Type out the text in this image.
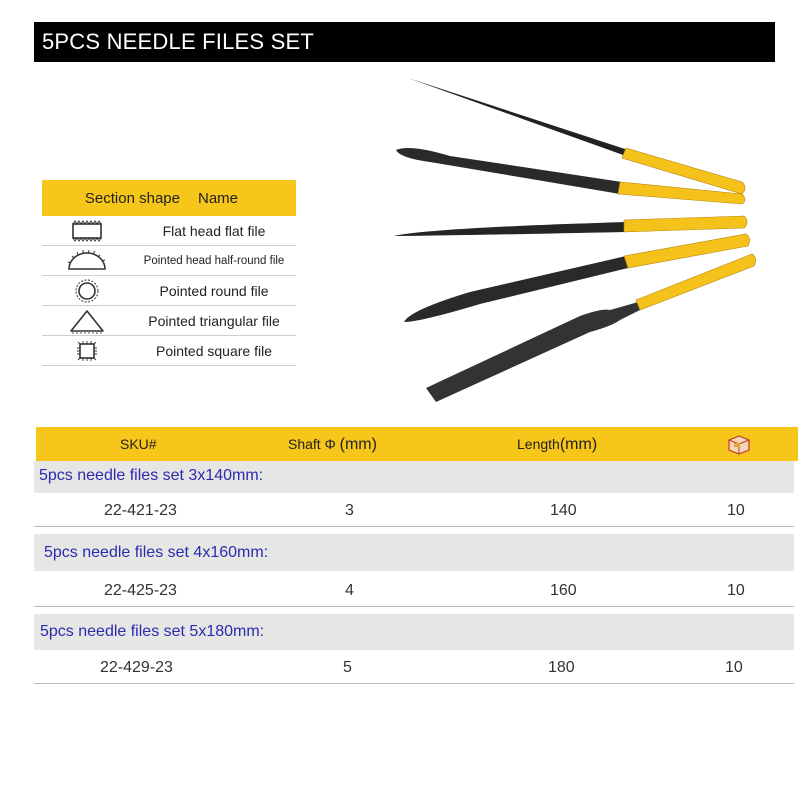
5PCS NEEDLE FILES SET
Section shape	Name
Flat head flat file
Pointed head half-round file
Pointed round file
Pointed triangular file
Pointed square file
SKU#	Shaft Φ (mm)	Length(mm)
5pcs needle files set 3x140mm:
22-421-23	3	140	10
5pcs needle files set 4x160mm:
22-425-23	4	160	10
5pcs needle files set 5x180mm:
22-429-23	5	180	10
